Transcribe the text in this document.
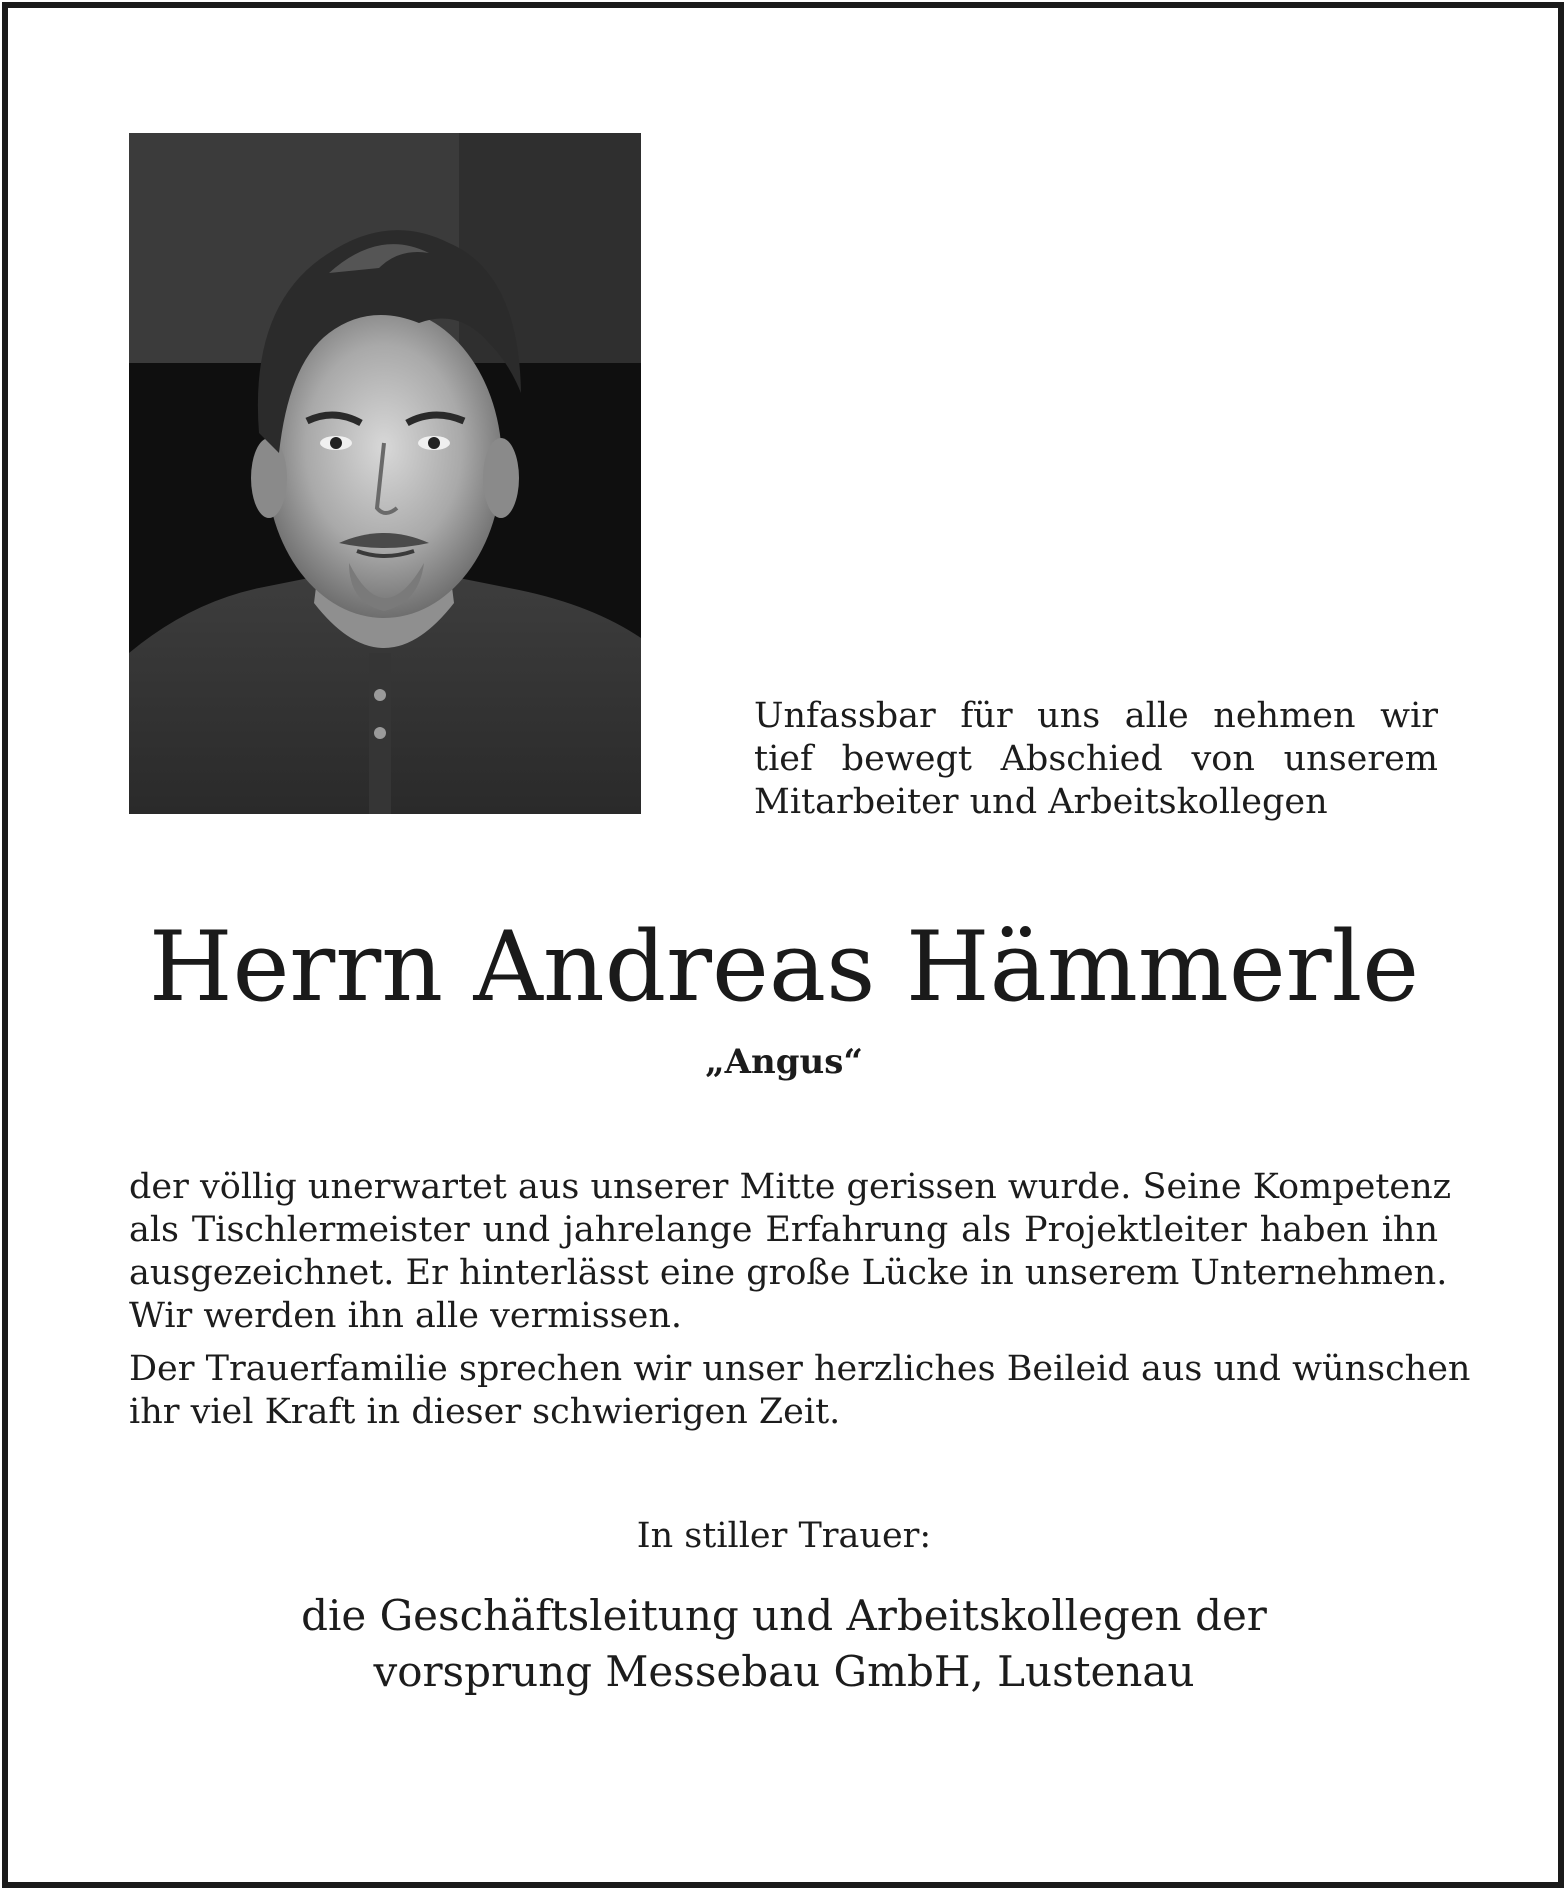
Unfassbar für uns alle nehmen wir
tief bewegt Abschied von unserem
Mitarbeiter und Arbeitskollegen
Herrn Andreas Hämmerle
„Angus“
der völlig unerwartet aus unserer Mitte gerissen wurde. Seine Kompetenz
als Tischlermeister und jahrelange Erfahrung als Projektleiter haben ihn
ausgezeichnet. Er hinterlässt eine große Lücke in unserem Unternehmen.
Wir werden ihn alle vermissen.
Der Trauerfamilie sprechen wir unser herzliches Beileid aus und wünschen
ihr viel Kraft in dieser schwierigen Zeit.
In stiller Trauer:
die Geschäftsleitung und Arbeitskollegen der
vorsprung Messebau GmbH, Lustenau
